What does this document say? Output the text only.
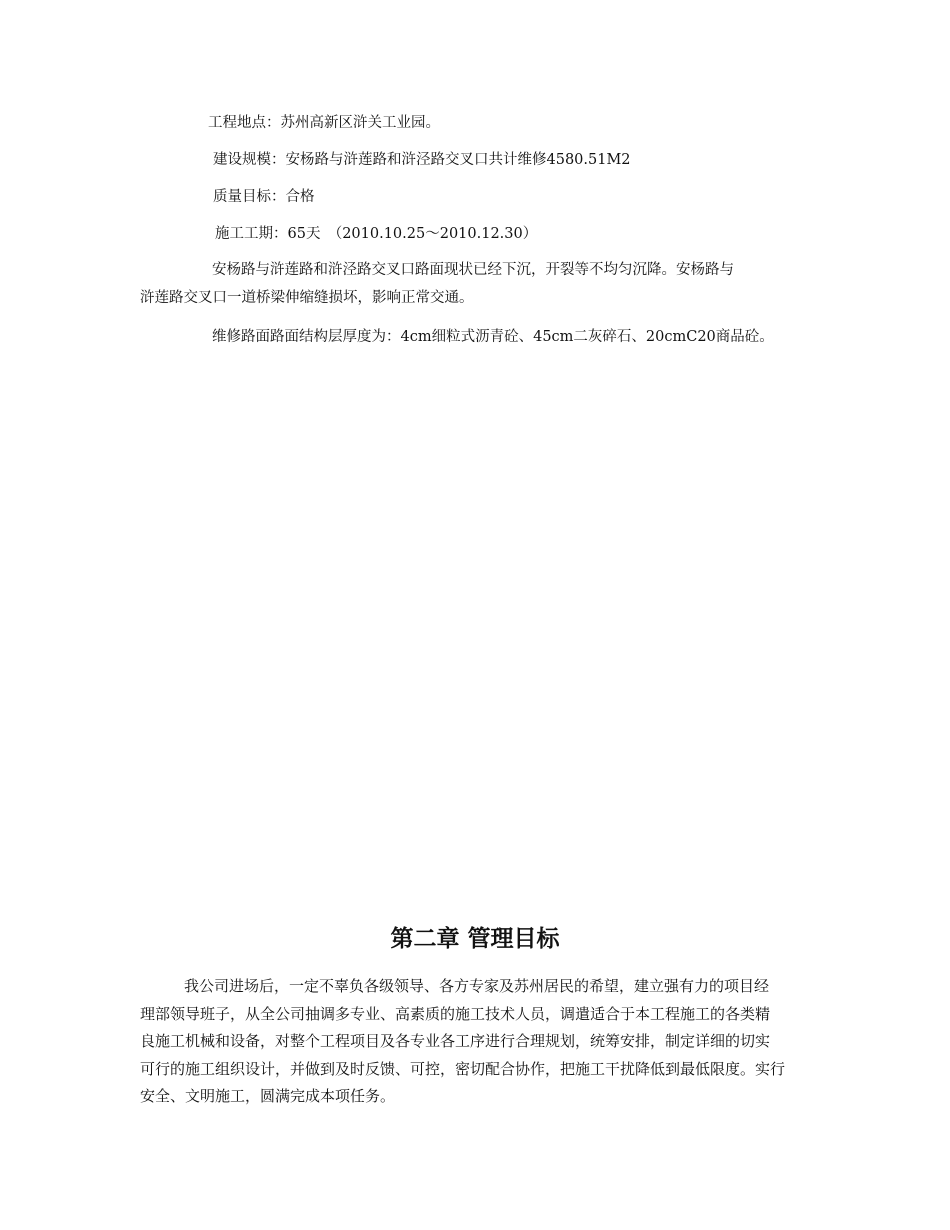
工程地点：苏州高新区浒关工业园。
建设规模：安杨路与浒莲路和浒泾路交叉口共计维修4580.51M2
质量目标：合格
施工工期：65天　（2010.10.25～2010.12.30）
安杨路与浒莲路和浒泾路交叉口路面现状已经下沉，开裂等不均匀沉降。安杨路与
浒莲路交叉口一道桥梁伸缩缝损坏，影响正常交通。
维修路面路面结构层厚度为：4cm细粒式沥青砼、45cm二灰碎石、20cmC20商品砼。
第二章 管理目标
我公司进场后，一定不辜负各级领导、各方专家及苏州居民的希望，建立强有力的项目经
理部领导班子，从全公司抽调多专业、高素质的施工技术人员，调遣适合于本工程施工的各类精
良施工机械和设备，对整个工程项目及各专业各工序进行合理规划，统筹安排，制定详细的切实
可行的施工组织设计，并做到及时反馈、可控，密切配合协作，把施工干扰降低到最低限度。实行
安全、文明施工，圆满完成本项任务。
